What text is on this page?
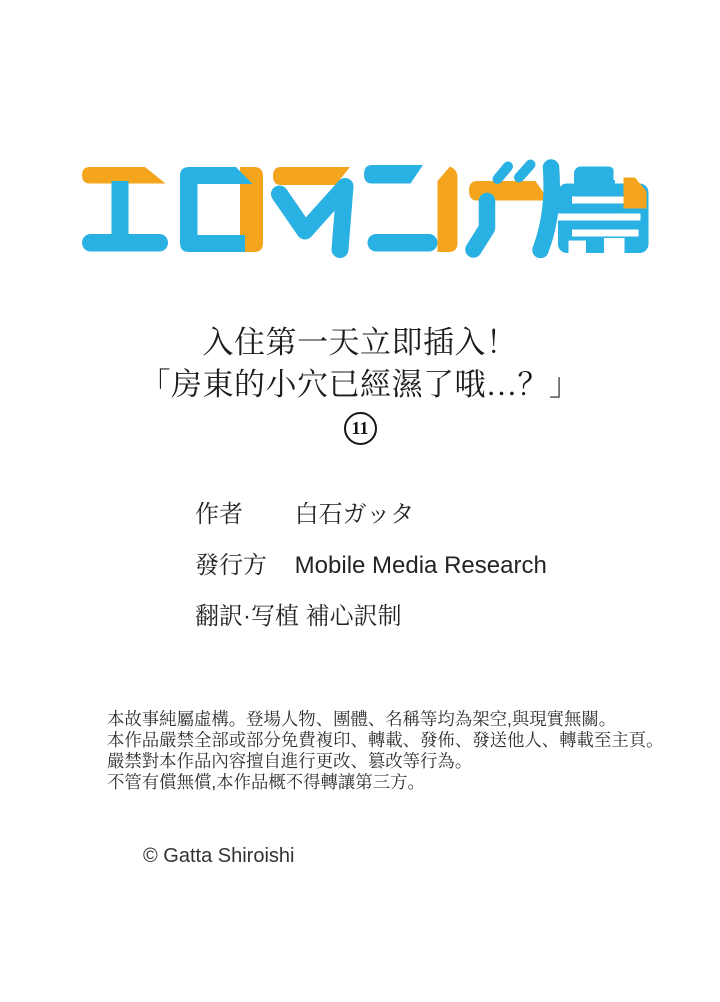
入住第一天立即插入！
「房東的小穴已經濕了哦…？」
11
作者 白石ガッタ
發行方 Mobile Media Research
翻訳·写植 補心訳制
本故事純屬虛構。登場人物、團體、名稱等均為架空,與現實無關。
本作品嚴禁全部或部分免費複印、轉載、發佈、發送他人、轉載至主頁。
嚴禁對本作品內容擅自進行更改、篡改等行為。
不管有償無償,本作品概不得轉讓第三方。
© Gatta Shiroishi
